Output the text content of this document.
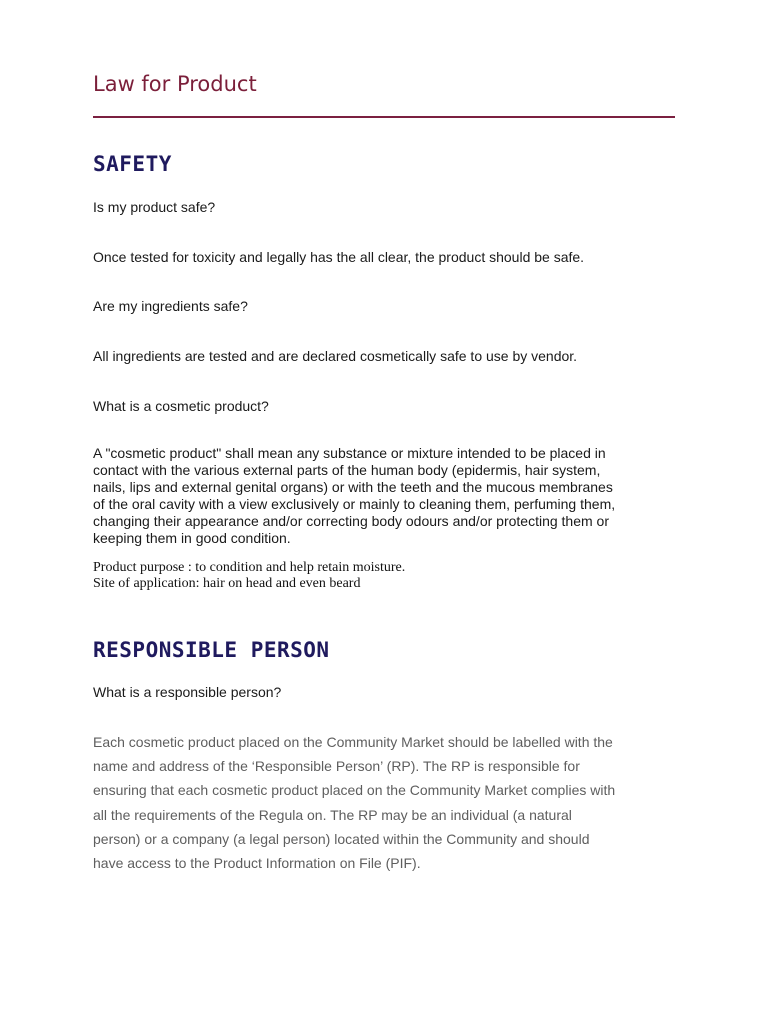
Law for Product
SAFETY
Is my product safe?
Once tested for toxicity and legally has the all clear, the product should be safe.
Are my ingredients safe?
All ingredients are tested and are declared cosmetically safe to use by vendor.
What is a cosmetic product?
A "cosmetic product" shall mean any substance or mixture intended to be placed in
contact with the various external parts of the human body (epidermis, hair system,
nails, lips and external genital organs) or with the teeth and the mucous membranes
of the oral cavity with a view exclusively or mainly to cleaning them, perfuming them,
changing their appearance and/or correcting body odours and/or protecting them or
keeping them in good condition.
Product purpose : to condition and help retain moisture.
Site of application: hair on head and even beard
RESPONSIBLE PERSON
What is a responsible person?
Each cosmetic product placed on the Community Market should be labelled with the
name and address of the ‘Responsible Person’ (RP). The RP is responsible for
ensuring that each cosmetic product placed on the Community Market complies with
all the requirements of the Regula on. The RP may be an individual (a natural
person) or a company (a legal person) located within the Community and should
have access to the Product Information on File (PIF).
